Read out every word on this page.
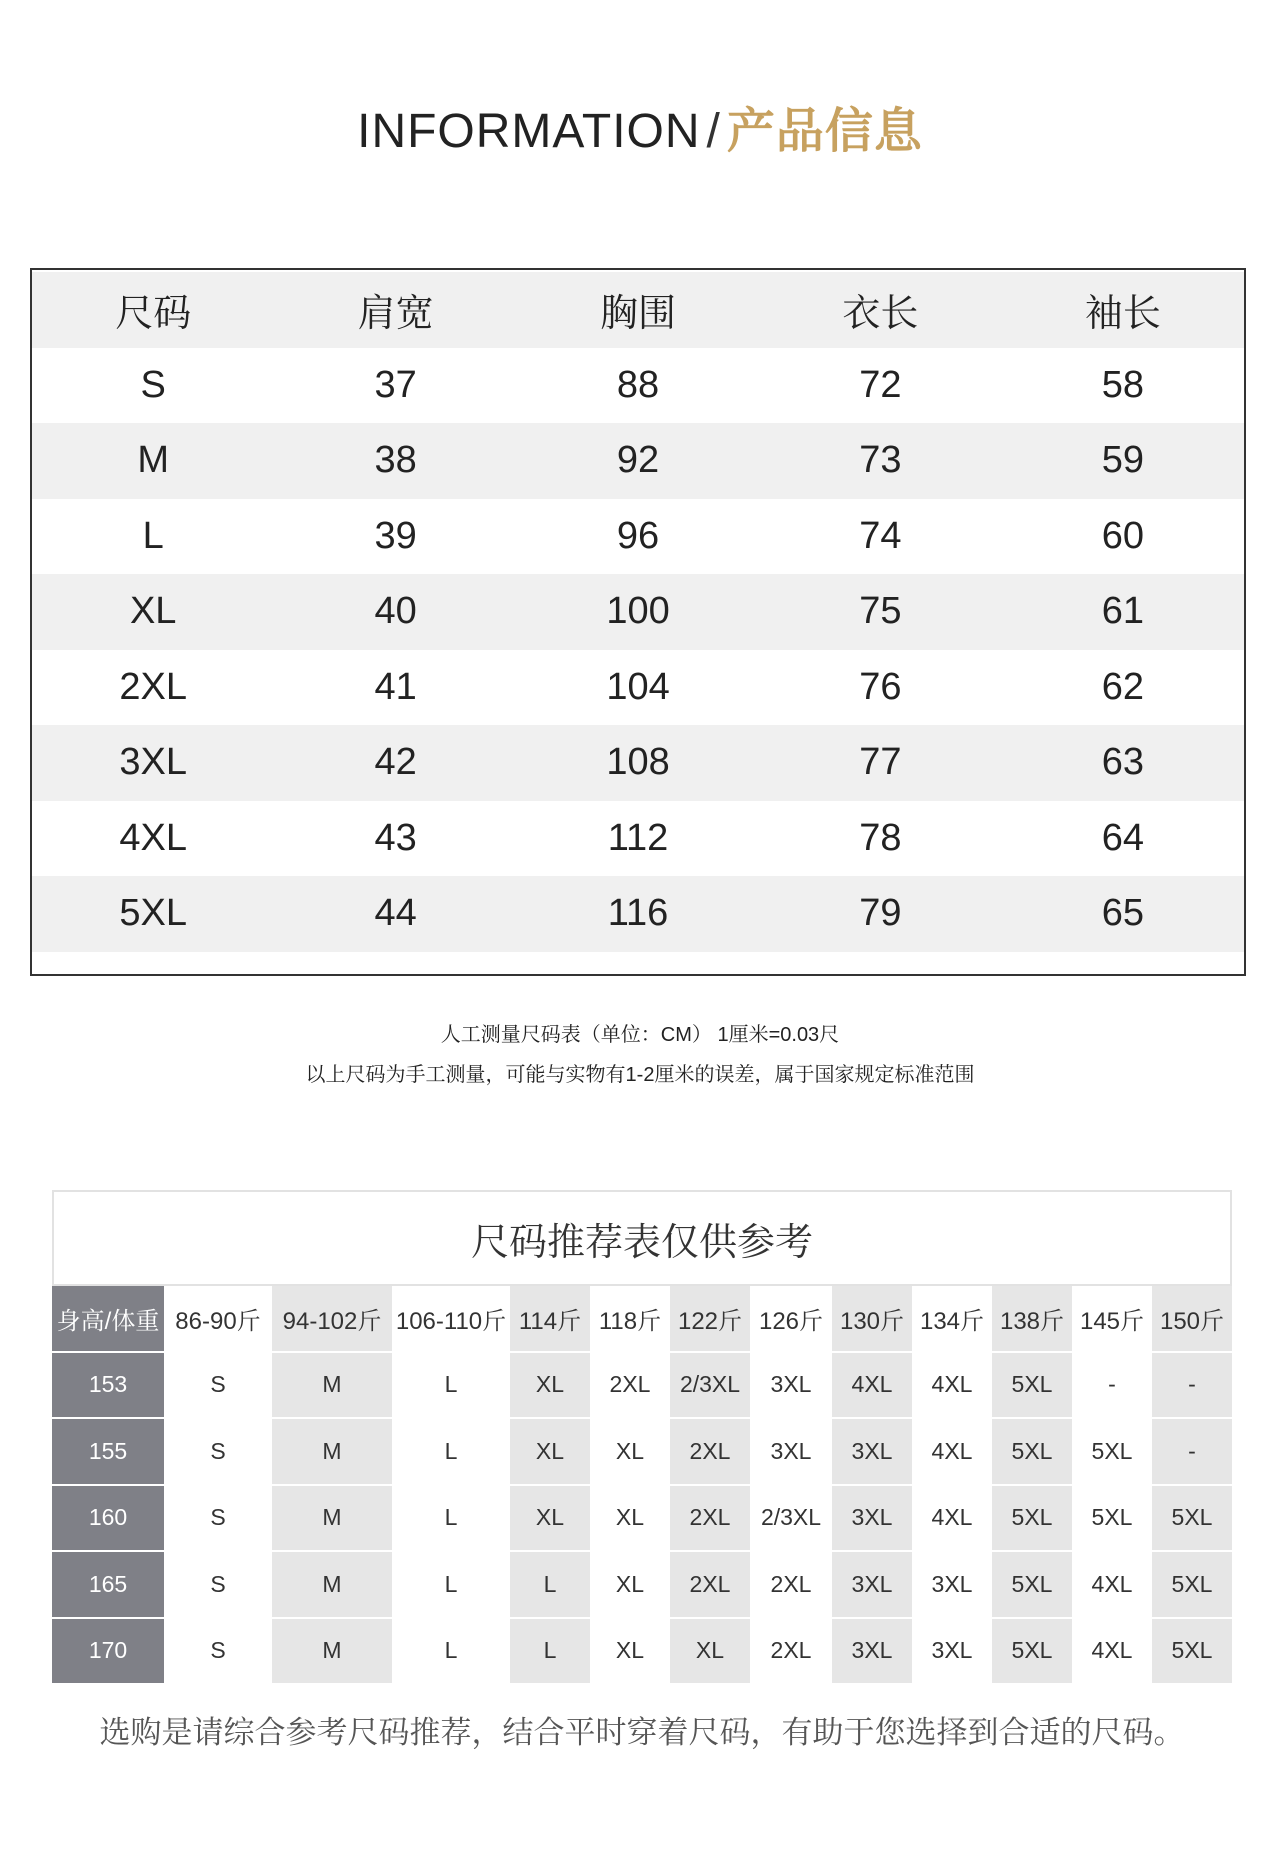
INFORMATION / 产品信息
尺码	肩宽	胸围	衣长	袖长
S	37	88	72	58
M	38	92	73	59
L	39	96	74	60
XL	40	100	75	61
2XL	41	104	76	62
3XL	42	108	77	63
4XL	43	112	78	64
5XL	44	116	79	65
人工测量尺码表（单位：CM） 1厘米=0.03尺
以上尺码为手工测量，可能与实物有1-2厘米的误差，属于国家规定标准范围
尺码推荐表仅供参考
身高/体重	86-90斤	94-102斤	106-110斤	114斤	118斤	122斤	126斤	130斤	134斤	138斤	145斤	150斤
153	S	M	L	XL	2XL	2/3XL	3XL	4XL	4XL	5XL	-	-
155	S	M	L	XL	XL	2XL	3XL	3XL	4XL	5XL	5XL	-
160	S	M	L	XL	XL	2XL	2/3XL	3XL	4XL	5XL	5XL	5XL
165	S	M	L	L	XL	2XL	2XL	3XL	3XL	5XL	4XL	5XL
170	S	M	L	L	XL	XL	2XL	3XL	3XL	5XL	4XL	5XL
选购是请综合参考尺码推荐，结合平时穿着尺码，有助于您选择到合适的尺码。
